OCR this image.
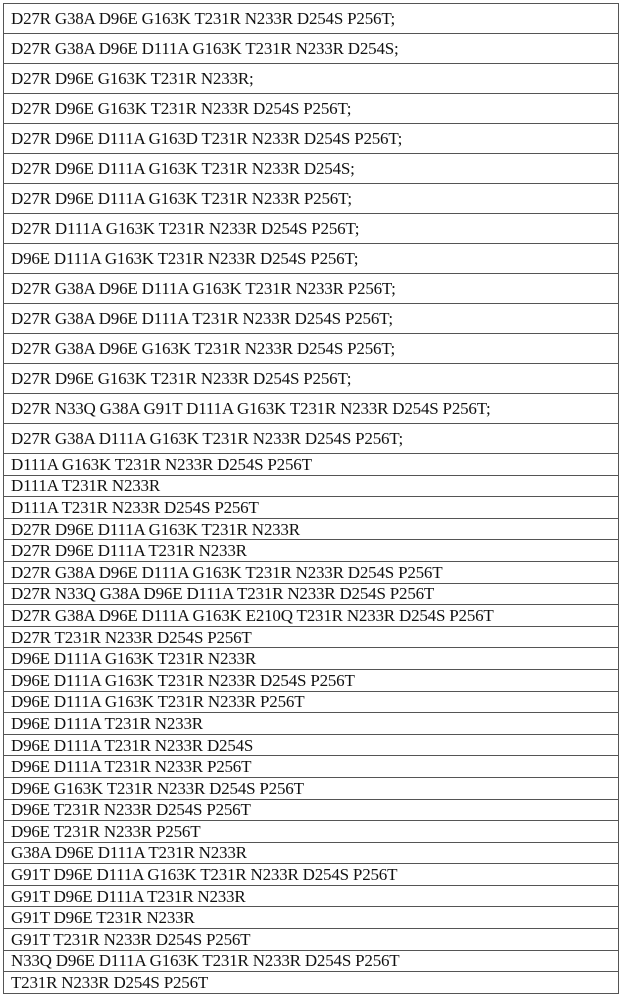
D27R G38A D96E G163K T231R N233R D254S P256T;
D27R G38A D96E D111A G163K T231R N233R D254S;
D27R D96E G163K T231R N233R;
D27R D96E G163K T231R N233R D254S P256T;
D27R D96E D111A G163D T231R N233R D254S P256T;
D27R D96E D111A G163K T231R N233R D254S;
D27R D96E D111A G163K T231R N233R P256T;
D27R D111A G163K T231R N233R D254S P256T;
D96E D111A G163K T231R N233R D254S P256T;
D27R G38A D96E D111A G163K T231R N233R P256T;
D27R G38A D96E D111A T231R N233R D254S P256T;
D27R G38A D96E G163K T231R N233R D254S P256T;
D27R D96E G163K T231R N233R D254S P256T;
D27R N33Q G38A G91T D111A G163K T231R N233R D254S P256T;
D27R G38A D111A G163K T231R N233R D254S P256T;
D111A G163K T231R N233R D254S P256T
D111A T231R N233R
D111A T231R N233R D254S P256T
D27R D96E D111A G163K T231R N233R
D27R D96E D111A T231R N233R
D27R G38A D96E D111A G163K T231R N233R D254S P256T
D27R N33Q G38A D96E D111A T231R N233R D254S P256T
D27R G38A D96E D111A G163K E210Q T231R N233R D254S P256T
D27R T231R N233R D254S P256T
D96E D111A G163K T231R N233R
D96E D111A G163K T231R N233R D254S P256T
D96E D111A G163K T231R N233R P256T
D96E D111A T231R N233R
D96E D111A T231R N233R D254S
D96E D111A T231R N233R P256T
D96E G163K T231R N233R D254S P256T
D96E T231R N233R D254S P256T
D96E T231R N233R P256T
G38A D96E D111A T231R N233R
G91T D96E D111A G163K T231R N233R D254S P256T
G91T D96E D111A T231R N233R
G91T D96E T231R N233R
G91T T231R N233R D254S P256T
N33Q D96E D111A G163K T231R N233R D254S P256T
T231R N233R D254S P256T
